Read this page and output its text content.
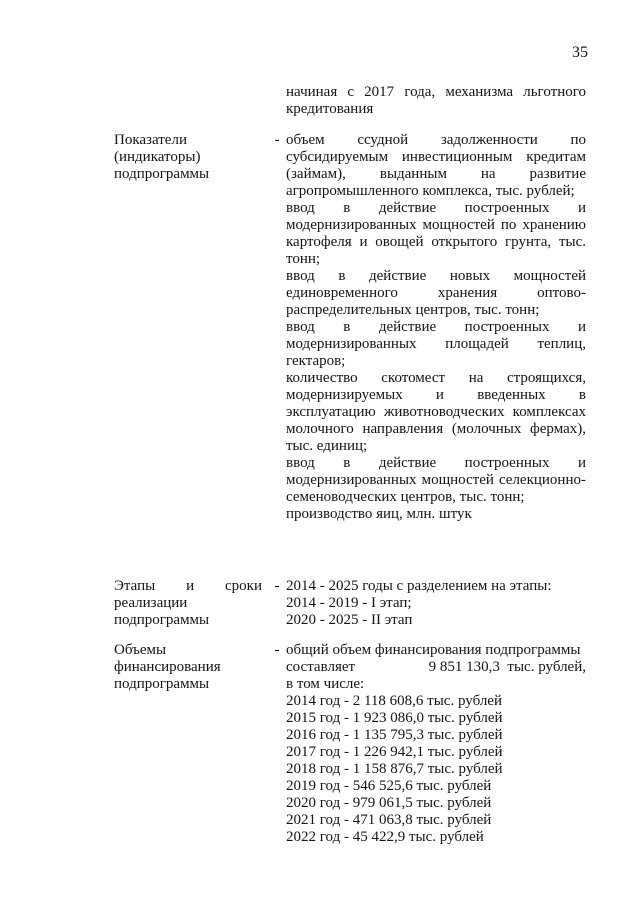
35
начиная с 2017 года, механизма льготного кредитования

Показатели

(индикаторы)

подпрограммы

- объем ссудной задолженности по субсидируемым инвестиционным кредитам (займам), выданным на развитие агропромышленного комплекса, тыс. рублей;

ввод в действие построенных и модернизированных мощностей по хранению картофеля и овощей открытого грунта, тыс. тонн;

ввод в действие новых мощностей единовременного хранения оптово-распределительных центров, тыс. тонн;

ввод в действие построенных и модернизированных площадей теплиц, гектаров;

количество скотомест на строящихся, модернизируемых и введенных в эксплуатацию животноводческих комплексах молочного направления (молочных фермах), тыс. единиц;

ввод в действие построенных и модернизированных мощностей селекционно-семеноводческих центров, тыс. тонн;

производство яиц, млн. штук

Этапы и сроки

реализации

подпрограммы

- 2014 - 2025 годы с разделением на этапы:

2014 - 2019 - I этап;

2020 - 2025 - II этап

Объемы

финансирования

подпрограммы

- общий объем финансирования подпрограммы

составляет	9 851 130,3  тыс. рублей,

в том числе:

2014 год - 2 118 608,6 тыс. рублей

2015 год - 1 923 086,0 тыс. рублей

2016 год - 1 135 795,3 тыс. рублей

2017 год - 1 226 942,1 тыс. рублей

2018 год - 1 158 876,7 тыс. рублей

2019 год - 546 525,6 тыс. рублей

2020 год - 979 061,5 тыс. рублей

2021 год - 471 063,8 тыс. рублей

2022 год - 45 422,9 тыс. рублей
